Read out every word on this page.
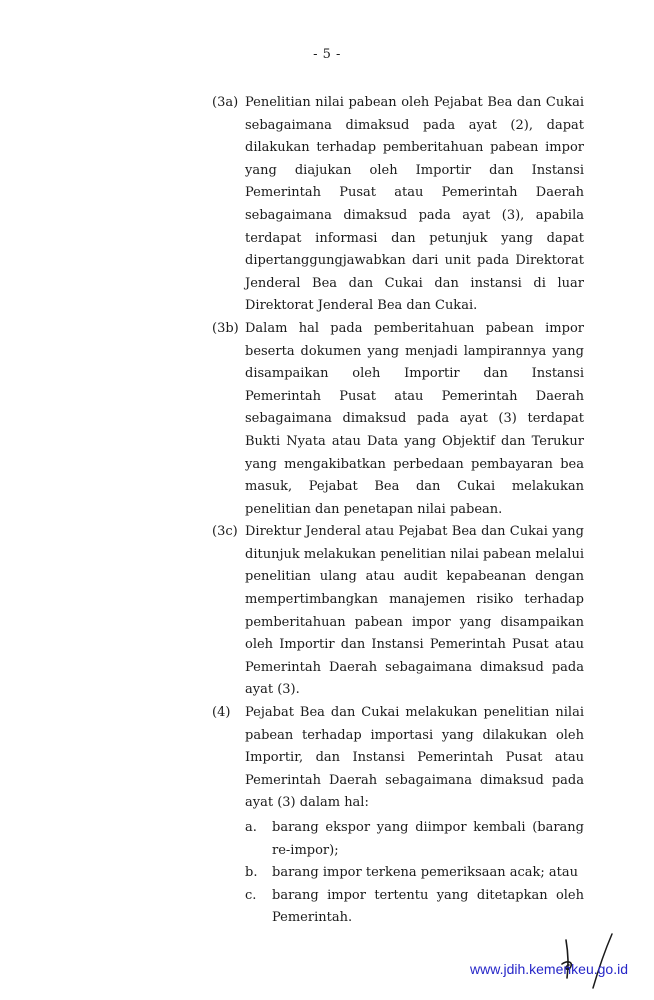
- 5 -
(3a) Penelitian nilai pabean oleh Pejabat Bea dan Cukai sebagaimana dimaksud pada ayat (2), dapat dilakukan terhadap pemberitahuan pabean impor yang diajukan oleh Importir dan Instansi Pemerintah Pusat atau Pemerintah Daerah sebagaimana dimaksud pada ayat (3), apabila terdapat informasi dan petunjuk yang dapat dipertanggungjawabkan dari unit pada Direktorat Jenderal Bea dan Cukai dan instansi di luar Direktorat Jenderal Bea dan Cukai.
(3b) Dalam hal pada pemberitahuan pabean impor beserta dokumen yang menjadi lampirannya yang disampaikan oleh Importir dan Instansi Pemerintah Pusat atau Pemerintah Daerah sebagaimana dimaksud pada ayat (3) terdapat Bukti Nyata atau Data yang Objektif dan Terukur yang mengakibatkan perbedaan pembayaran bea masuk, Pejabat Bea dan Cukai melakukan penelitian dan penetapan nilai pabean.
(3c) Direktur Jenderal atau Pejabat Bea dan Cukai yang ditunjuk melakukan penelitian nilai pabean melalui penelitian ulang atau audit kepabeanan dengan mempertimbangkan manajemen risiko terhadap pemberitahuan pabean impor yang disampaikan oleh Importir dan Instansi Pemerintah Pusat atau Pemerintah Daerah sebagaimana dimaksud pada ayat (3).
(4) Pejabat Bea dan Cukai melakukan penelitian nilai pabean terhadap importasi yang dilakukan oleh Importir, dan Instansi Pemerintah Pusat atau Pemerintah Daerah sebagaimana dimaksud pada ayat (3) dalam hal:
a. barang ekspor yang diimpor kembali (barang re-impor);
b. barang impor terkena pemeriksaan acak; atau
c. barang impor tertentu yang ditetapkan oleh Pemerintah.
www.jdih.kemenkeu.go.id
